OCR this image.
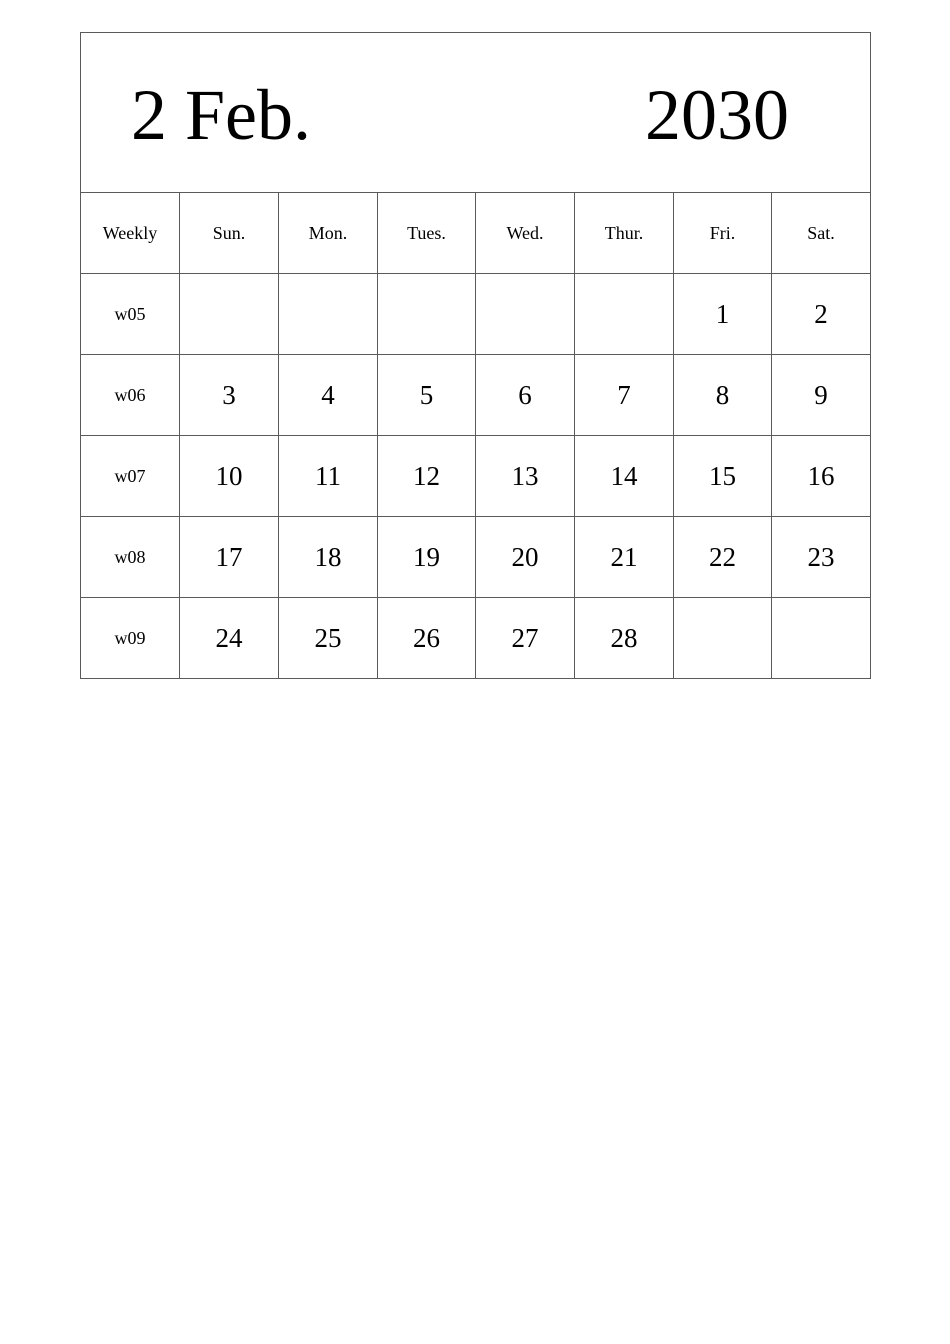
2 Feb. 2030							

Weekly	Sun.	Mon.	Tues.	Wed.	Thur.	Fri.	Sat.
w05						1	2
w06	3	4	5	6	7	8	9
w07	10	11	12	13	14	15	16
w08	17	18	19	20	21	22	23
w09	24	25	26	27	28		
